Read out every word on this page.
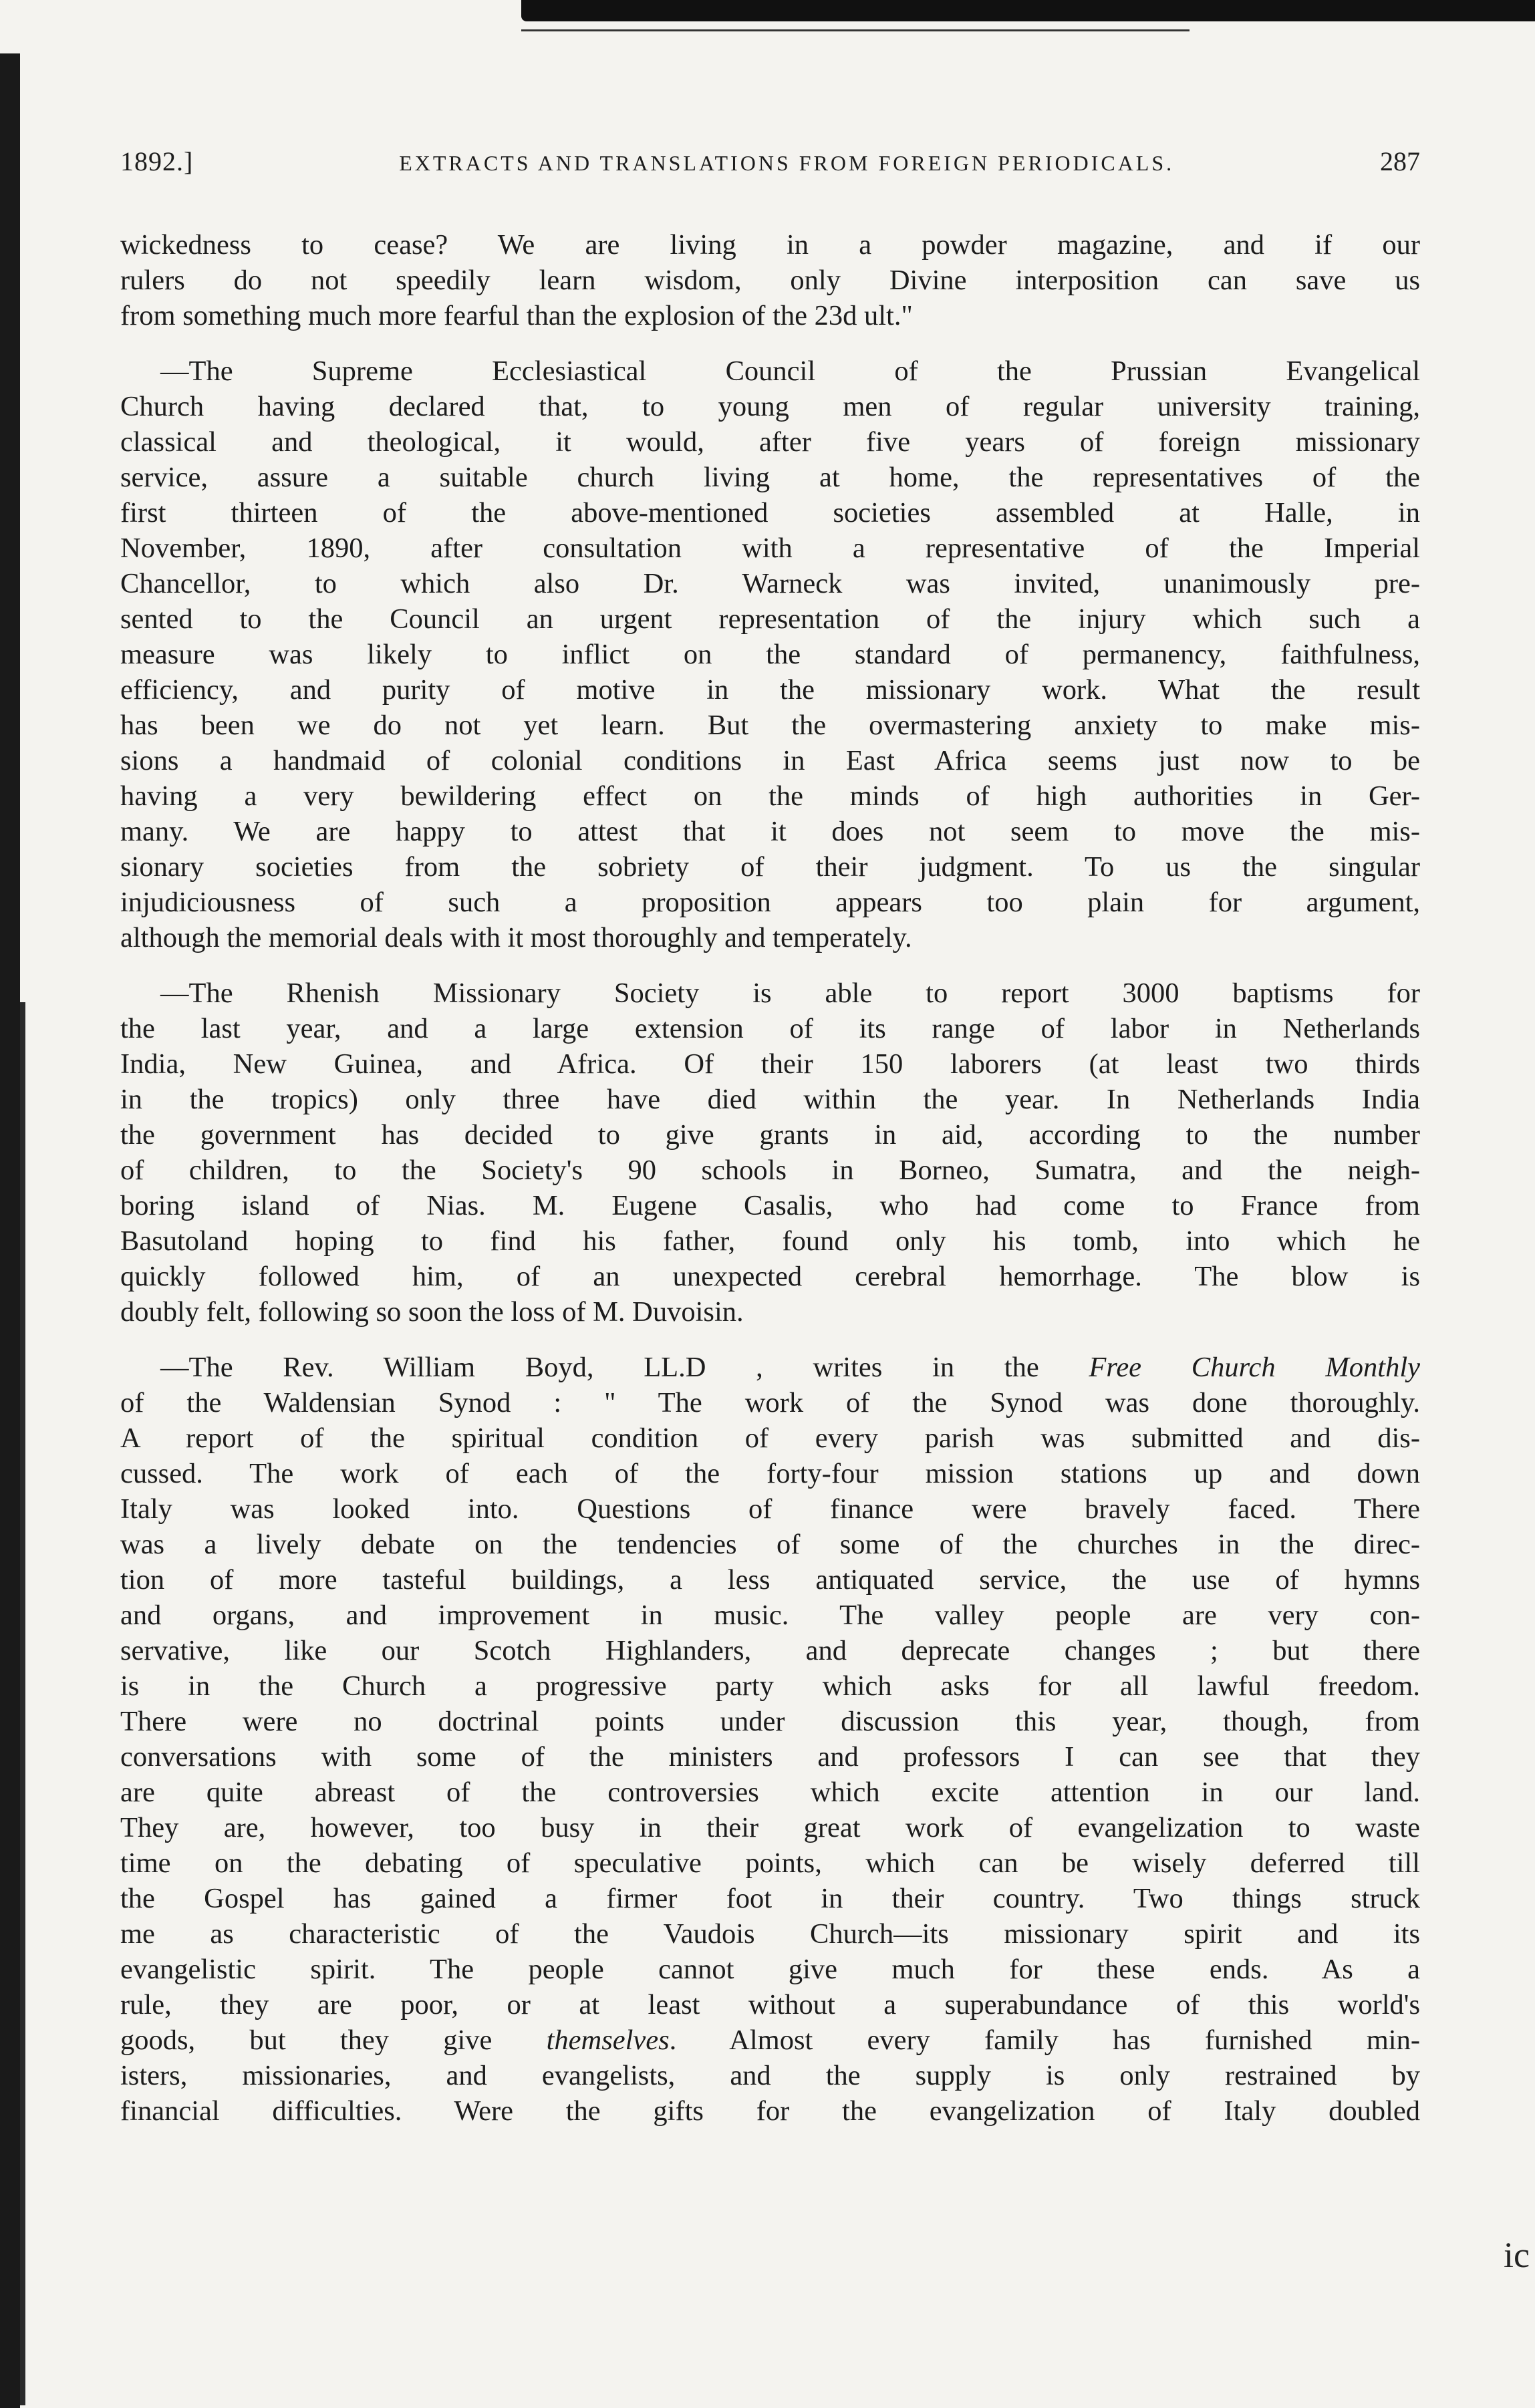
1892.]	EXTRACTS AND TRANSLATIONS FROM FOREIGN PERIODICALS.	287

wickedness to cease? We are living in a powder magazine, and if our
rulers do not speedily learn wisdom, only Divine interposition can save us
from something much more fearful than the explosion of the 23d ult."

—The Supreme Ecclesiastical Council of the Prussian Evangelical
Church having declared that, to young men of regular university training,
classical and theological, it would, after five years of foreign missionary
service, assure a suitable church living at home, the representatives of the
first thirteen of the above-mentioned societies assembled at Halle, in
November, 1890, after consultation with a representative of the Imperial
Chancellor, to which also Dr. Warneck was invited, unanimously pre-
sented to the Council an urgent representation of the injury which such a
measure was likely to inflict on the standard of permanency, faithfulness,
efficiency, and purity of motive in the missionary work. What the result
has been we do not yet learn. But the overmastering anxiety to make mis-
sions a handmaid of colonial conditions in East Africa seems just now to be
having a very bewildering effect on the minds of high authorities in Ger-
many. We are happy to attest that it does not seem to move the mis-
sionary societies from the sobriety of their judgment. To us the singular
injudiciousness of such a proposition appears too plain for argument,
although the memorial deals with it most thoroughly and temperately.

—The Rhenish Missionary Society is able to report 3000 baptisms for
the last year, and a large extension of its range of labor in Netherlands
India, New Guinea, and Africa. Of their 150 laborers (at least two thirds
in the tropics) only three have died within the year. In Netherlands India
the government has decided to give grants in aid, according to the number
of children, to the Society's 90 schools in Borneo, Sumatra, and the neigh-
boring island of Nias. M. Eugene Casalis, who had come to France from
Basutoland hoping to find his father, found only his tomb, into which he
quickly followed him, of an unexpected cerebral hemorrhage. The blow is
doubly felt, following so soon the loss of M. Duvoisin.

—The Rev. William Boyd, LL.D , writes in the Free Church Monthly
of the Waldensian Synod : " The work of the Synod was done thoroughly.
A report of the spiritual condition of every parish was submitted and dis-
cussed. The work of each of the forty-four mission stations up and down
Italy was looked into. Questions of finance were bravely faced. There
was a lively debate on the tendencies of some of the churches in the direc-
tion of more tasteful buildings, a less antiquated service, the use of hymns
and organs, and improvement in music. The valley people are very con-
servative, like our Scotch Highlanders, and deprecate changes ; but there
is in the Church a progressive party which asks for all lawful freedom.
There were no doctrinal points under discussion this year, though, from
conversations with some of the ministers and professors I can see that they
are quite abreast of the controversies which excite attention in our land.
They are, however, too busy in their great work of evangelization to waste
time on the debating of speculative points, which can be wisely deferred till
the Gospel has gained a firmer foot in their country. Two things struck
me as characteristic of the Vaudois Church—its missionary spirit and its
evangelistic spirit. The people cannot give much for these ends. As a
rule, they are poor, or at least without a superabundance of this world's
goods, but they give themselves. Almost every family has furnished min-
isters, missionaries, and evangelists, and the supply is only restrained by
financial difficulties. Were the gifts for the evangelization of Italy doubled

ic
